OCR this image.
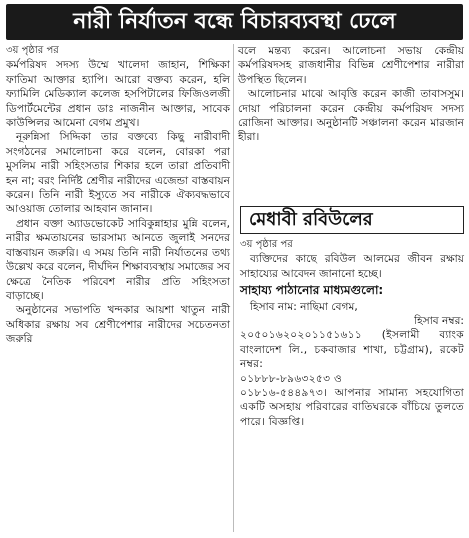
নারী নির্যাতন বন্ধে বিচারব্যবস্থা ঢেলে
৩য় পৃষ্ঠার পর

কর্মপরিষদ সদস্য উম্মে খালেদা জাহান, শিক্ষিকা ফাতিমা আক্তার হ্যাপি। আরো বক্তব্য করেন, হলি ফ্যামিলি মেডিক্যাল কলেজ হসপিটালের ফিজিওলজী ডিপার্টমেন্টের প্রধান ডাঃ নাজনীন আক্তার, সাবেক কাউন্সিলর আমেনা বেগম প্রমুখ।

নূরুন্নিসা সিদ্দিকা তার বক্তব্যে কিছু নারীবাদী সংগঠনের সমালোচনা করে বলেন, বোরকা পরা মুসলিম নারী সহিংসতার শিকার হলে তারা প্রতিবাদী হন না; বরং নির্দিষ্ট শ্রেণীর নারীদের এজেন্ডা বাস্তবায়ন করেন। তিনি নারী ইস্যুতে সব নারীকে ঐক্যবদ্ধভাবে আওয়াজ তোলার আহবান জানান।

প্রধান বক্তা অ্যাডভোকেট সাবিকুন্নাহার মুন্নি বলেন, নারীর ক্ষমতায়নের ভারসাম্য আনতে জুলাই সনদের বাস্তবায়ন জরুরি। এ সময় তিনি নারী নির্যাতনের তথ্য উল্লেখ করে বলেন, দীর্ঘদিন শিক্ষাব্যবস্থায় সমাজের সব ক্ষেত্রে নৈতিক পরিবেশ নারীর প্রতি সহিংসতা বাড়াচ্ছে।

অনুষ্ঠানের সভাপতি খন্দকার আয়শা খাতুন নারী অধিকার রক্ষায় সব শ্রেণীপেশার নারীদের সচেতনতা জরুরি

বলে মন্তব্য করেন। আলোচনা সভায় কেন্দ্রীয় কর্মপরিষদসহ রাজধানীর বিভিন্ন শ্রেণীপেশার নারীরা উপস্থিত ছিলেন।

আলোচনার মাঝে আবৃত্তি করেন কাজী তাবাসসুম। দোয়া পরিচালনা করেন কেন্দ্রীয় কর্মপরিষদ সদস্য রোজিনা আক্তার। অনুষ্ঠানটি সঞ্চালনা করেন মারজান হীরা।

মেধাবী রবিউলের
৩য় পৃষ্ঠার পর

ব্যক্তিদের কাছে রবিউল আলমের জীবন রক্ষায় সাহায্যের আবেদন জানানো হচ্ছে।

সাহায্য পাঠানোর মাধ্যমগুলো:

হিসাব নাম: নাছিমা বেগম,

হিসাব নম্বর:

২০৫০১৬২০২০১১৫১৬১১ (ইসলামী ব্যাংক বাংলাদেশ লি., চকবাজার শাখা, চট্টগ্রাম), রকেট নম্বর:

০১৮৮৮-৮৯৬৩২৫৩ ও

০১৮১৬-৫৪৪৯৭৩। আপনার সামান্য সহযোগিতা একটি অসহায় পরিবারের বাতিঘরকে বাঁচিয়ে তুলতে পারে। বিজ্ঞপ্তি।
